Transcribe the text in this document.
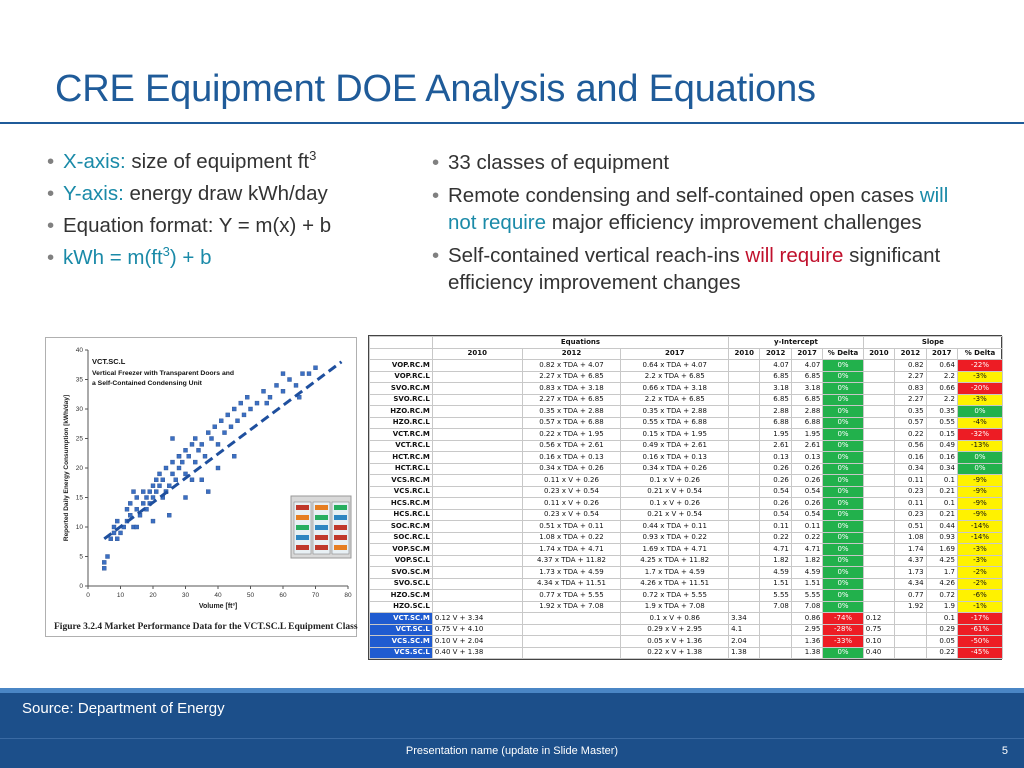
CRE Equipment DOE Analysis and Equations
• X-axis: size of equipment $ft^3$
• Y-axis: energy draw kWh/day
• Equation format: Y = m(x) + b
• kWh = $m(ft^3) + b$
• 33 classes of equipment
• Remote condensing and self-contained open cases will not require major efficiency improvement challenges
• Self-contained vertical reach-ins will require significant efficiency improvement changes
0	10	20	30	40	50	60	70	80
0
5
10
15
20
25
30
35
40
Volume [ft³]
Reported Daily Energy Consumption [kWh/day]
VCT.SC.L
Vertical Freezer with Transparent Doors and
a Self-Contained Condensing Unit
Figure 3.2.4 Market Performance Data for the VCT.SC.L Equipment Class
	Equations			y-Intercept				Slope			
	2010	2012	2017	2010	2012	2017	% Delta	2010	2012	2017	% Delta
VOP.RC.M		0.82 x TDA + 4.07	0.64 x TDA + 4.07		4.07	4.07	0%		0.82	0.64	-22%
VOP.RC.L		2.27 x TDA + 6.85	2.2 x TDA + 6.85		6.85	6.85	0%		2.27	2.2	-3%
SVO.RC.M		0.83 x TDA + 3.18	0.66 x TDA + 3.18		3.18	3.18	0%		0.83	0.66	-20%
SVO.RC.L		2.27 x TDA + 6.85	2.2 x TDA + 6.85		6.85	6.85	0%		2.27	2.2	-3%
HZO.RC.M		0.35 x TDA + 2.88	0.35 x TDA + 2.88		2.88	2.88	0%		0.35	0.35	0%
HZO.RC.L		0.57 x TDA + 6.88	0.55 x TDA + 6.88		6.88	6.88	0%		0.57	0.55	-4%
VCT.RC.M		0.22 x TDA + 1.95	0.15 x TDA + 1.95		1.95	1.95	0%		0.22	0.15	-32%
VCT.RC.L		0.56 x TDA + 2.61	0.49 x TDA + 2.61		2.61	2.61	0%		0.56	0.49	-13%
HCT.RC.M		0.16 x TDA + 0.13	0.16 x TDA + 0.13		0.13	0.13	0%		0.16	0.16	0%
HCT.RC.L		0.34 x TDA + 0.26	0.34 x TDA + 0.26		0.26	0.26	0%		0.34	0.34	0%
VCS.RC.M		0.11 x V + 0.26	0.1 x V + 0.26		0.26	0.26	0%		0.11	0.1	-9%
VCS.RC.L		0.23 x V + 0.54	0.21 x V + 0.54		0.54	0.54	0%		0.23	0.21	-9%
HCS.RC.M		0.11 x V + 0.26	0.1 x V + 0.26		0.26	0.26	0%		0.11	0.1	-9%
HCS.RC.L		0.23 x V + 0.54	0.21 x V + 0.54		0.54	0.54	0%		0.23	0.21	-9%
SOC.RC.M		0.51 x TDA + 0.11	0.44 x TDA + 0.11		0.11	0.11	0%		0.51	0.44	-14%
SOC.RC.L		1.08 x TDA + 0.22	0.93 x TDA + 0.22		0.22	0.22	0%		1.08	0.93	-14%
VOP.SC.M		1.74 x TDA + 4.71	1.69 x TDA + 4.71		4.71	4.71	0%		1.74	1.69	-3%
VOP.SC.L		4.37 x TDA + 11.82	4.25 x TDA + 11.82		1.82	1.82	0%		4.37	4.25	-3%
SVO.SC.M		1.73 x TDA + 4.59	1.7 x TDA + 4.59		4.59	4.59	0%		1.73	1.7	-2%
SVO.SC.L		4.34 x TDA + 11.51	4.26 x TDA + 11.51		1.51	1.51	0%		4.34	4.26	-2%
HZO.SC.M		0.77 x TDA + 5.55	0.72 x TDA + 5.55		5.55	5.55	0%		0.77	0.72	-6%
HZO.SC.L		1.92 x TDA + 7.08	1.9 x TDA + 7.08		7.08	7.08	0%		1.92	1.9	-1%
VCT.SC.M	0.12 V + 3.34		0.1 x V + 0.86	3.34		0.86	-74%	0.12		0.1	-17%
VCT.SC.L	0.75 V + 4.10		0.29 x V + 2.95	4.1		2.95	-28%	0.75		0.29	-61%
VCS.SC.M	0.10 V + 2.04		0.05 x V + 1.36	2.04		1.36	-33%	0.10		0.05	-50%
VCS.SC.L	0.40 V + 1.38		0.22 x V + 1.38	1.38		1.38	0%	0.40		0.22	-45%
Source: Department of Energy
Presentation name (update in Slide Master)	5
